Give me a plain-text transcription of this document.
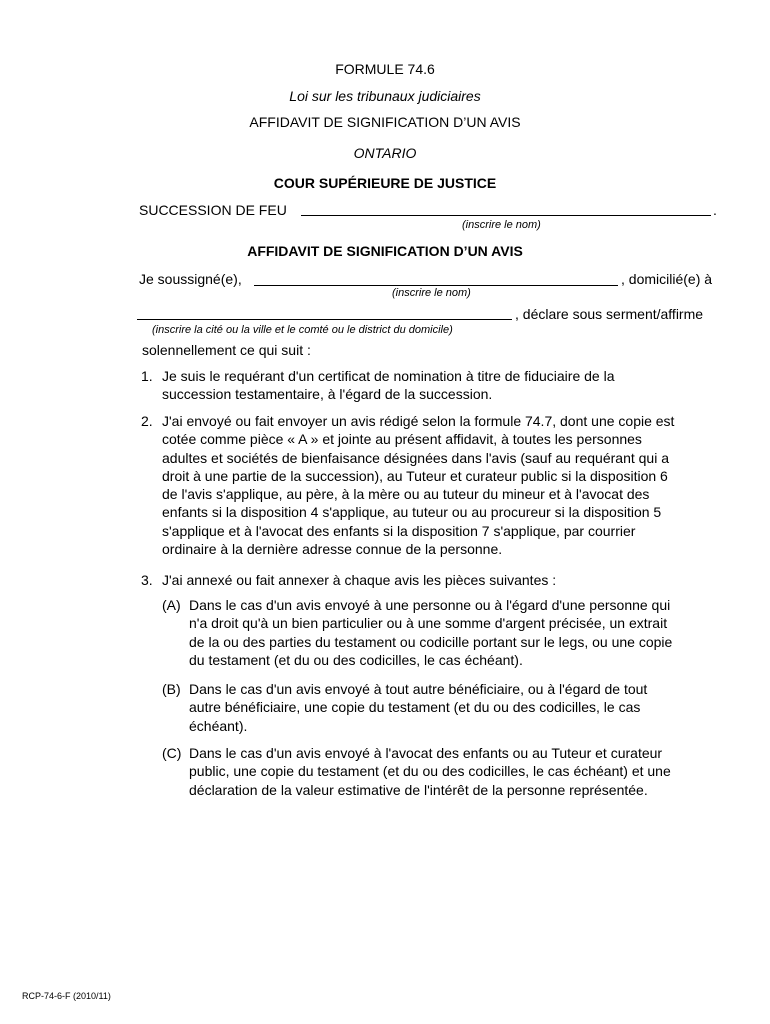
FORMULE 74.6
Loi sur les tribunaux judiciaires
AFFIDAVIT DE SIGNIFICATION D’UN AVIS
ONTARIO
COUR SUPÉRIEURE DE JUSTICE
SUCCESSION DE FEU	.
(inscrire le nom)
AFFIDAVIT DE SIGNIFICATION D’UN AVIS
Je soussigné(e),	, domicilié(e) à
(inscrire le nom)
, déclare sous serment/affirme
(inscrire la cité ou la ville et le comté ou le district du domicile)
solennellement ce qui suit :
1. Je suis le requérant d'un certificat de nomination à titre de fiduciaire de la
succession testamentaire, à l'égard de la succession.
2. J'ai envoyé ou fait envoyer un avis rédigé selon la formule 74.7, dont une copie est
cotée comme pièce « A » et jointe au présent affidavit, à toutes les personnes
adultes et sociétés de bienfaisance désignées dans l'avis (sauf au requérant qui a
droit à une partie de la succession), au Tuteur et curateur public si la disposition 6
de l'avis s'applique, au père, à la mère ou au tuteur du mineur et à l'avocat des
enfants si la disposition 4 s'applique, au tuteur ou au procureur si la disposition 5
s'applique et à l'avocat des enfants si la disposition 7 s'applique, par courrier
ordinaire à la dernière adresse connue de la personne.
3. J'ai annexé ou fait annexer à chaque avis les pièces suivantes :
(A) Dans le cas d'un avis envoyé à une personne ou à l'égard d'une personne qui
n'a droit qu'à un bien particulier ou à une somme d'argent précisée, un extrait
de la ou des parties du testament ou codicille portant sur le legs, ou une copie
du testament (et du ou des codicilles, le cas échéant).
(B) Dans le cas d'un avis envoyé à tout autre bénéficiaire, ou à l'égard de tout
autre bénéficiaire, une copie du testament (et du ou des codicilles, le cas
échéant).
(C) Dans le cas d'un avis envoyé à l'avocat des enfants ou au Tuteur et curateur
public, une copie du testament (et du ou des codicilles, le cas échéant) et une
déclaration de la valeur estimative de l'intérêt de la personne représentée.
RCP-74-6-F (2010/11)
